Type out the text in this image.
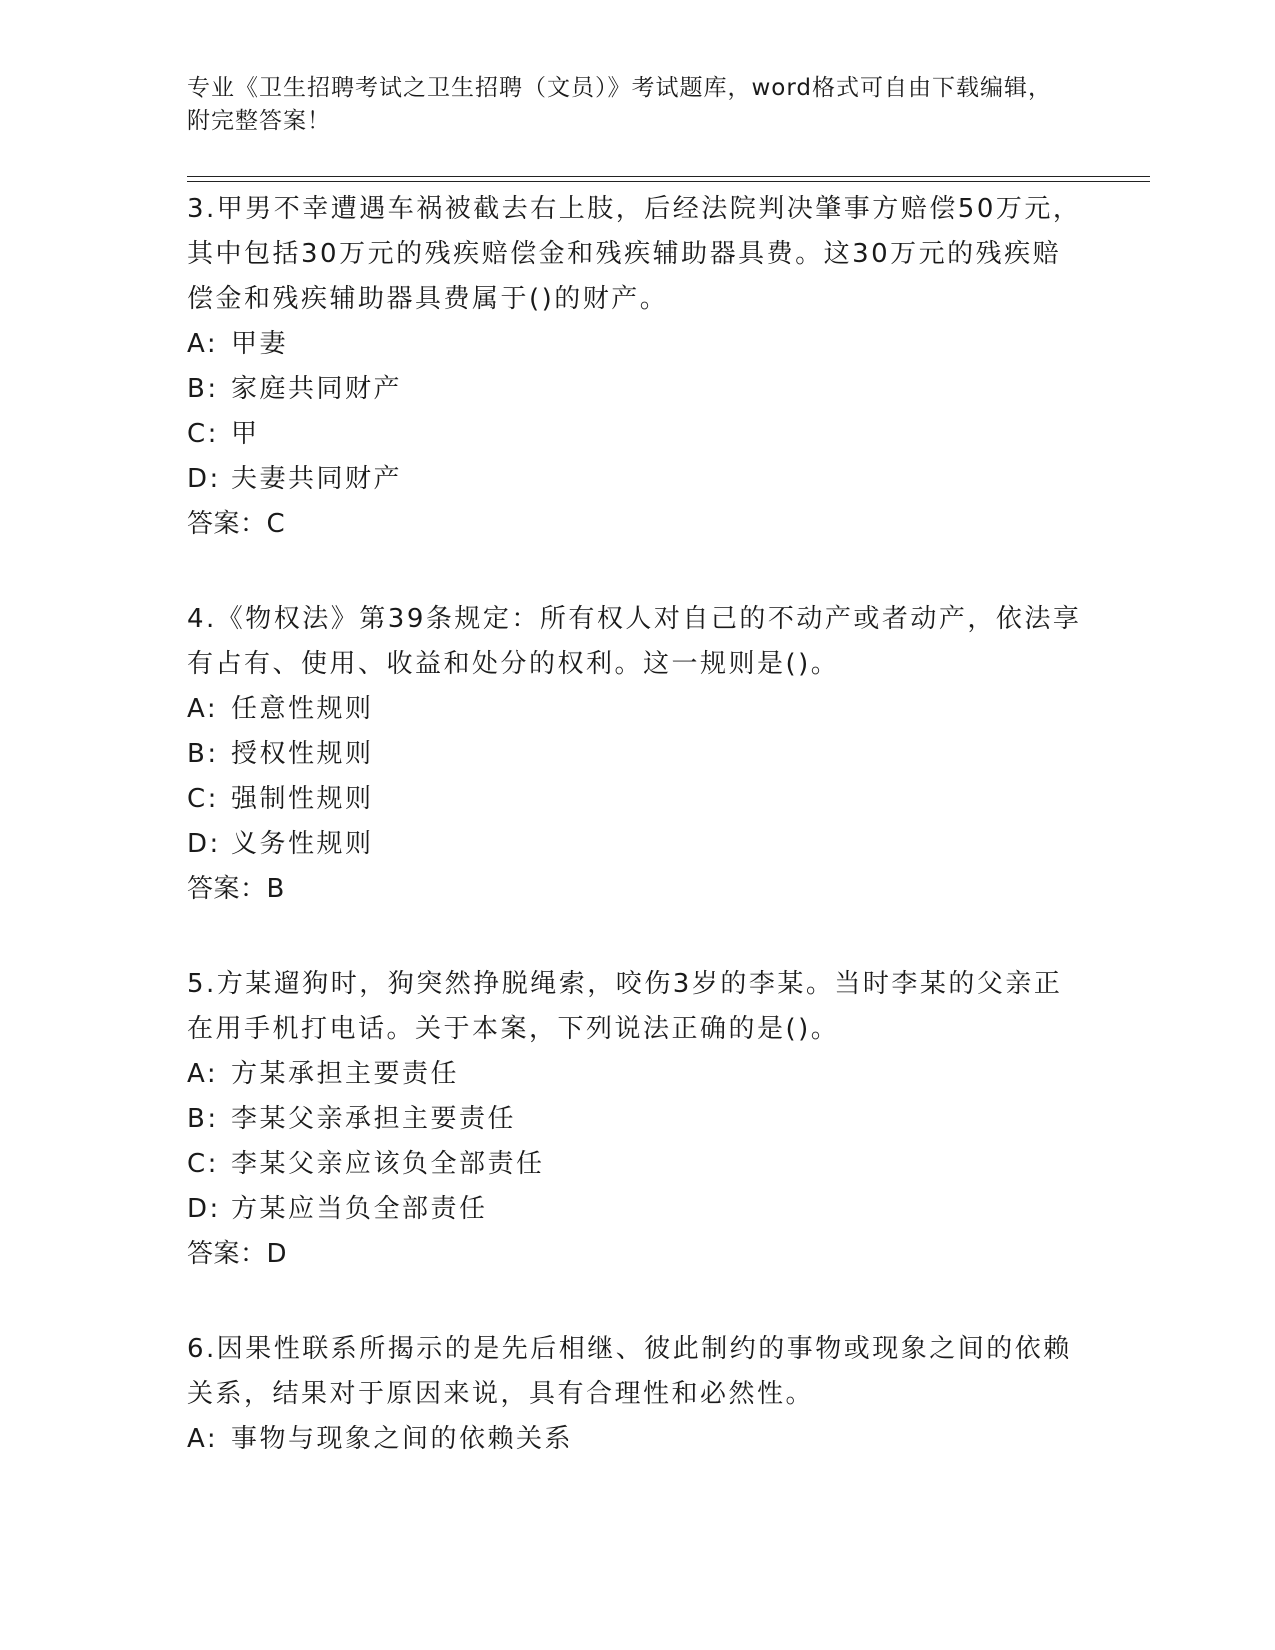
专业《卫生招聘考试之卫生招聘（文员）》考试题库，word格式可自由下载编辑，附完整答案！

3.甲男不幸遭遇车祸被截去右上肢，后经法院判决肇事方赔偿50万元，其中包括30万元的残疾赔偿金和残疾辅助器具费。这30万元的残疾赔偿金和残疾辅助器具费属于()的财产。

A: 甲妻

B: 家庭共同财产

C: 甲

D: 夫妻共同财产

答案：C

4.《物权法》第39条规定：所有权人对自己的不动产或者动产，依法享有占有、使用、收益和处分的权利。这一规则是()。

A: 任意性规则

B: 授权性规则

C: 强制性规则

D: 义务性规则

答案：B

5.方某遛狗时，狗突然挣脱绳索，咬伤3岁的李某。当时李某的父亲正在用手机打电话。关于本案，下列说法正确的是()。

A: 方某承担主要责任

B: 李某父亲承担主要责任

C: 李某父亲应该负全部责任

D: 方某应当负全部责任

答案：D

6.因果性联系所揭示的是先后相继、彼此制约的事物或现象之间的依赖关系，结果对于原因来说，具有合理性和必然性。

A: 事物与现象之间的依赖关系
